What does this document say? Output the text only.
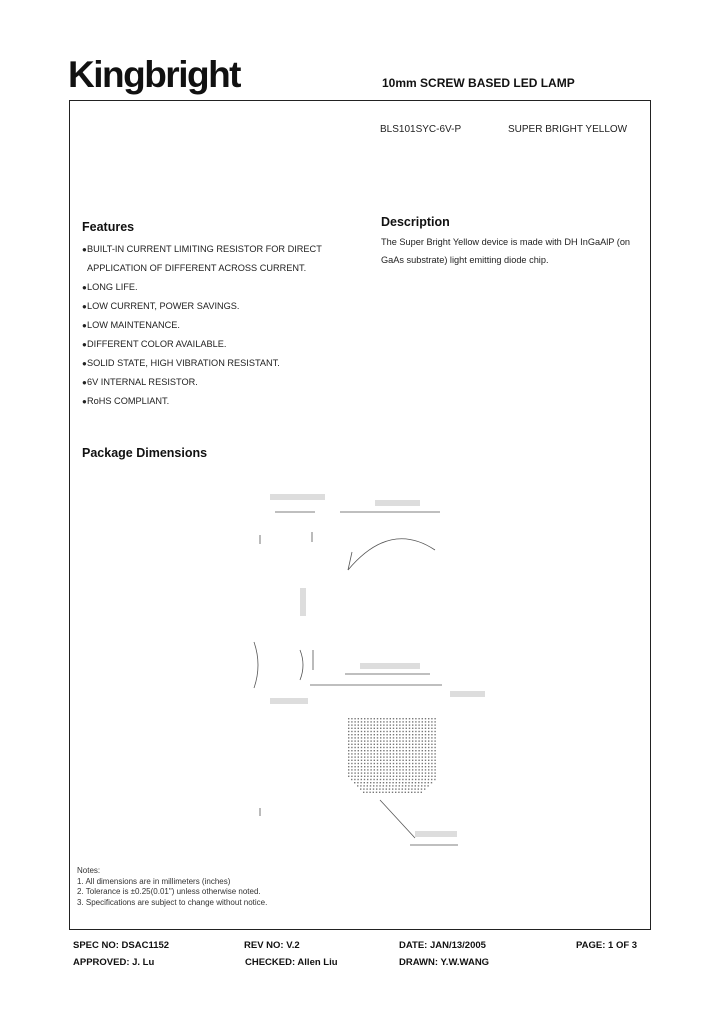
Kingbright	10mm SCREW BASED LED LAMP
BLS101SYC-6V-P	SUPER BRIGHT YELLOW
Features
●BUILT-IN CURRENT LIMITING RESISTOR FOR DIRECT
APPLICATION OF DIFFERENT ACROSS CURRENT.
●LONG LIFE.
●LOW CURRENT, POWER SAVINGS.
●LOW MAINTENANCE.
●DIFFERENT COLOR AVAILABLE.
●SOLID STATE, HIGH VIBRATION RESISTANT.
●6V INTERNAL RESISTOR.
●RoHS COMPLIANT.
Description

The Super Bright Yellow device is made with DH InGaAlP (on GaAs substrate) light emitting diode chip.

Package Dimensions
Notes:
1. All dimensions are in millimeters (inches)
2. Tolerance is ±0.25(0.01") unless otherwise noted.
3. Specifications are subject to change without notice.
SPEC NO: DSAC1152	REV NO: V.2	DATE: JAN/13/2005	PAGE: 1 OF 3
APPROVED: J. Lu	CHECKED: Allen Liu	DRAWN: Y.W.WANG
